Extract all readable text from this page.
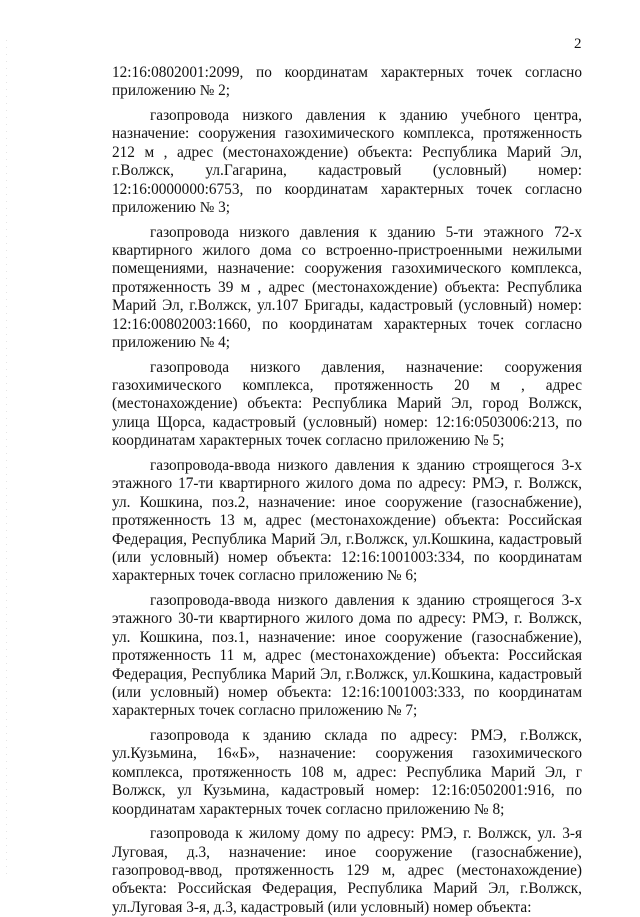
2

12:16:0802001:2099, по координатам характерных точек согласно приложению № 2;

газопровода низкого давления к зданию учебного центра, назначение: сооружения газохимического комплекса, протяженность 212 м , адрес (местонахождение) объекта: Республика Марий Эл, г.Волжск, ул.Гагарина, кадастровый (условный) номер: 12:16:0000000:6753, по координатам характерных точек согласно приложению № 3;

газопровода низкого давления к зданию 5-ти этажного 72-х квартирного жилого дома со встроенно-пристроенными нежилыми помещениями, назначение: сооружения газохимического комплекса, протяженность 39 м , адрес (местонахождение) объекта: Республика Марий Эл, г.Волжск, ул.107 Бригады, кадастровый (условный) номер: 12:16:00802003:1660, по координатам характерных точек согласно приложению № 4;

газопровода низкого давления, назначение: сооружения газохимического комплекса, протяженность 20 м , адрес (местонахождение) объекта: Республика Марий Эл, город Волжск, улица Щорса, кадастровый (условный) номер: 12:16:0503006:213, по координатам характерных точек согласно приложению № 5;

газопровода-ввода низкого давления к зданию строящегося 3-х этажного 17-ти квартирного жилого дома по адресу: РМЭ, г. Волжск, ул. Кошкина, поз.2, назначение: иное сооружение (газоснабжение), протяженность 13 м, адрес (местонахождение) объекта: Российская Федерация, Республика Марий Эл, г.Волжск, ул.Кошкина, кадастровый (или условный) номер объекта: 12:16:1001003:334, по координатам характерных точек согласно приложению № 6;

газопровода-ввода низкого давления к зданию строящегося 3-х этажного 30-ти квартирного жилого дома по адресу: РМЭ, г. Волжск, ул. Кошкина, поз.1, назначение: иное сооружение (газоснабжение), протяженность 11 м, адрес (местонахождение) объекта: Российская Федерация, Республика Марий Эл, г.Волжск, ул.Кошкина, кадастровый (или условный) номер объекта: 12:16:1001003:333, по координатам характерных точек согласно приложению № 7;

газопровода к зданию склада по адресу: РМЭ, г.Волжск, ул.Кузьмина, 16«Б», назначение: сооружения газохимического комплекса, протяженность 108 м, адрес: Республика Марий Эл, г Волжск, ул Кузьмина, кадастровый номер: 12:16:0502001:916, по координатам характерных точек согласно приложению № 8;

газопровода к жилому дому по адресу: РМЭ, г. Волжск, ул. 3-я Луговая, д.3, назначение: иное сооружение (газоснабжение), газопровод-ввод, протяженность 129 м, адрес (местонахождение) объекта: Российская Федерация, Республика Марий Эл, г.Волжск, ул.Луговая 3-я, д.3, кадастровый (или условный) номер объекта:
